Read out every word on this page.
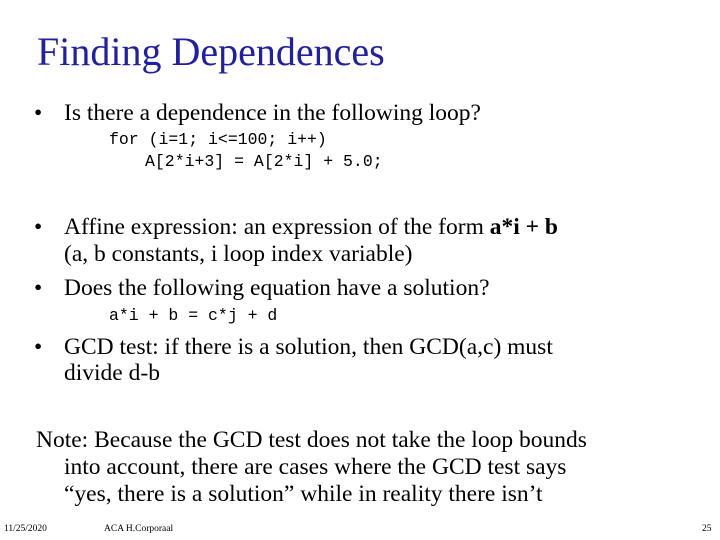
Finding Dependences
• Is there a dependence in the following loop?
for (i=1; i<=100; i++)
A[2*i+3] = A[2*i] + 5.0;
• Affine expression: an expression of the form a*i + b
(a, b constants, i loop index variable)
• Does the following equation have a solution?
a*i + b = c*j + d
• GCD test: if there is a solution, then GCD(a,c) must
divide d-b
Note: Because the GCD test does not take the loop bounds
into account, there are cases where the GCD test says
“yes, there is a solution” while in reality there isn’t
11/25/2020	ACA H.Corporaal	25
